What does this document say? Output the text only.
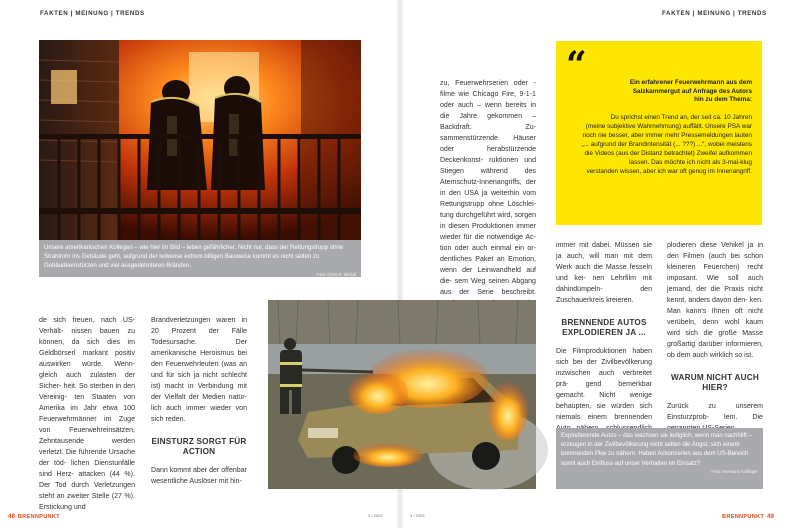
FAKTEN | MEINUNG | TRENDS
Unsere amerikanischen Kollegen – wie hier im Bild – leben gefährlicher. Nicht nur, dass der Rettungstrupp ohne Strahlrohr ins Gebäude geht, aufgrund der teilweise extrem billigen Bauweise kommt es nicht selten zu Gebäudeeinstürzen und viel ausgedehnteren Bränden.
Foto: Chris E. Mickal

de sich freuen, nach US-Verhält- nissen bauen zu können, da sich dies im Geldbörserl markant positiv auswirken würde. Wenn- gleich auch zulasten der Sicher- heit. So sterben in den Vereinig- ten Staaten von Amerika im Jahr etwa 100 Feuerwehrmänner im Zuge von Feuerwehreinsätzen, Zehntausende werden verletzt. Die führende Ursache der töd- lichen Dienstunfälle sind Herz- attacken (44 %). Der Tod durch Verletzungen steht an zweiter Stelle (27 %). Erstickung und

Brandverletzungen waren in 20 Prozent der Fälle Todesursache.	Der amerikanische Heroismus bei den Feuerwehrleuten (was an und für sich ja nicht schlecht ist) macht in Verbindung mit der Vielfalt der Medien natür- lich auch immer wieder von sich reden.

EINSTURZ SORGT FÜR ACTION

Dann kommt aber der offenbar wesentliche Auslöser mit hin-

zu, Feuerwehrserien oder -filme wie Chicago Fire, 9-1-1 oder auch – wenn bereits in die Jahre gekommen – Backdraft. Zu- sammenstürzende Häuser oder	herabstürzende Deckenkonst- ruktionen und Stiegen während des Atemschutz-Innenangriffs, der in den USA ja weiterhin vom Rettungstrupp ohne Löschlei- tung durchgeführt wird, sorgen in diesen Produktionen immer wieder für die notwendige Ac- tion oder auch einmal ein or- dentliches Paket an Emotion, wenn der Leinwandheld auf die- sem Weg seinen Abgang aus der Serie beschreibt.

48 BRENNPUNKT	3 / 2023
FAKTEN | MEINUNG | TRENDS
“	Ein erfahrener Feuerwehrmann aus dem
Salzkammergut auf Anfrage des Autors
hin zu dem Thema:
Du sprichst einen Trend an, der seit ca. 10 Jahren
(meine subjektive Wahrnehmung) auffällt. Unsere PSA war
noch nie besser, aber immer mehr Pressemeldungen lauten
„... aufgrund der Brandintensität (... ???) ...“, wobei meistens
die Videos (aus der Distanz betrachtet) Zweifel aufkommen
lassen. Das möchte ich nicht als 3-mal-klug
verstanden wissen, aber ich war oft genug im Innenangriff.

immer mit dabei. Müssen sie ja auch, will man mit dem Werk auch die Masse fesseln und kei- nen Lehrfilm mit dahindümpeln-	den Zuschauerkreis kreieren.

BRENNENDE AUTOS EXPLODIEREN JA ...

Die Filmproduktionen haben sich bei der Zivilbevölkerung inzwischen auch verbreitet prä- gend bemerkbar gemacht. Nicht wenige behaupten, sie würden sich niemals einem brennenden

plodieren diese Vehikel ja in den Filmen (auch bei schon kleineren Feuerchen) recht imposant. Wie soll auch jemand, der die Praxis nicht kennt, anders davon den- ken. Man kann's Ihnen oft nicht verübeln, denn wohl kaum wird sich die große Masse großartig darüber informieren, ob dem auch wirklich so ist.

WARUM NICHT AUCH HIER?

Zurück zu unserem Einsturzprob- lem. Die

Explodierende Autos – das wachsen sie lediglich, wenn man nachhilft – erzeugen in der Zivilbevölkerung nicht selten die Angst, sich einem brennenden Pkw zu nähern. Haben Actionserien aus dem US-Bereich somit auch Einfluss auf unser Verhalten im Einsatz?
Foto: Hermann Kollinger
3 / 2023	BRENNPUNKT 49
